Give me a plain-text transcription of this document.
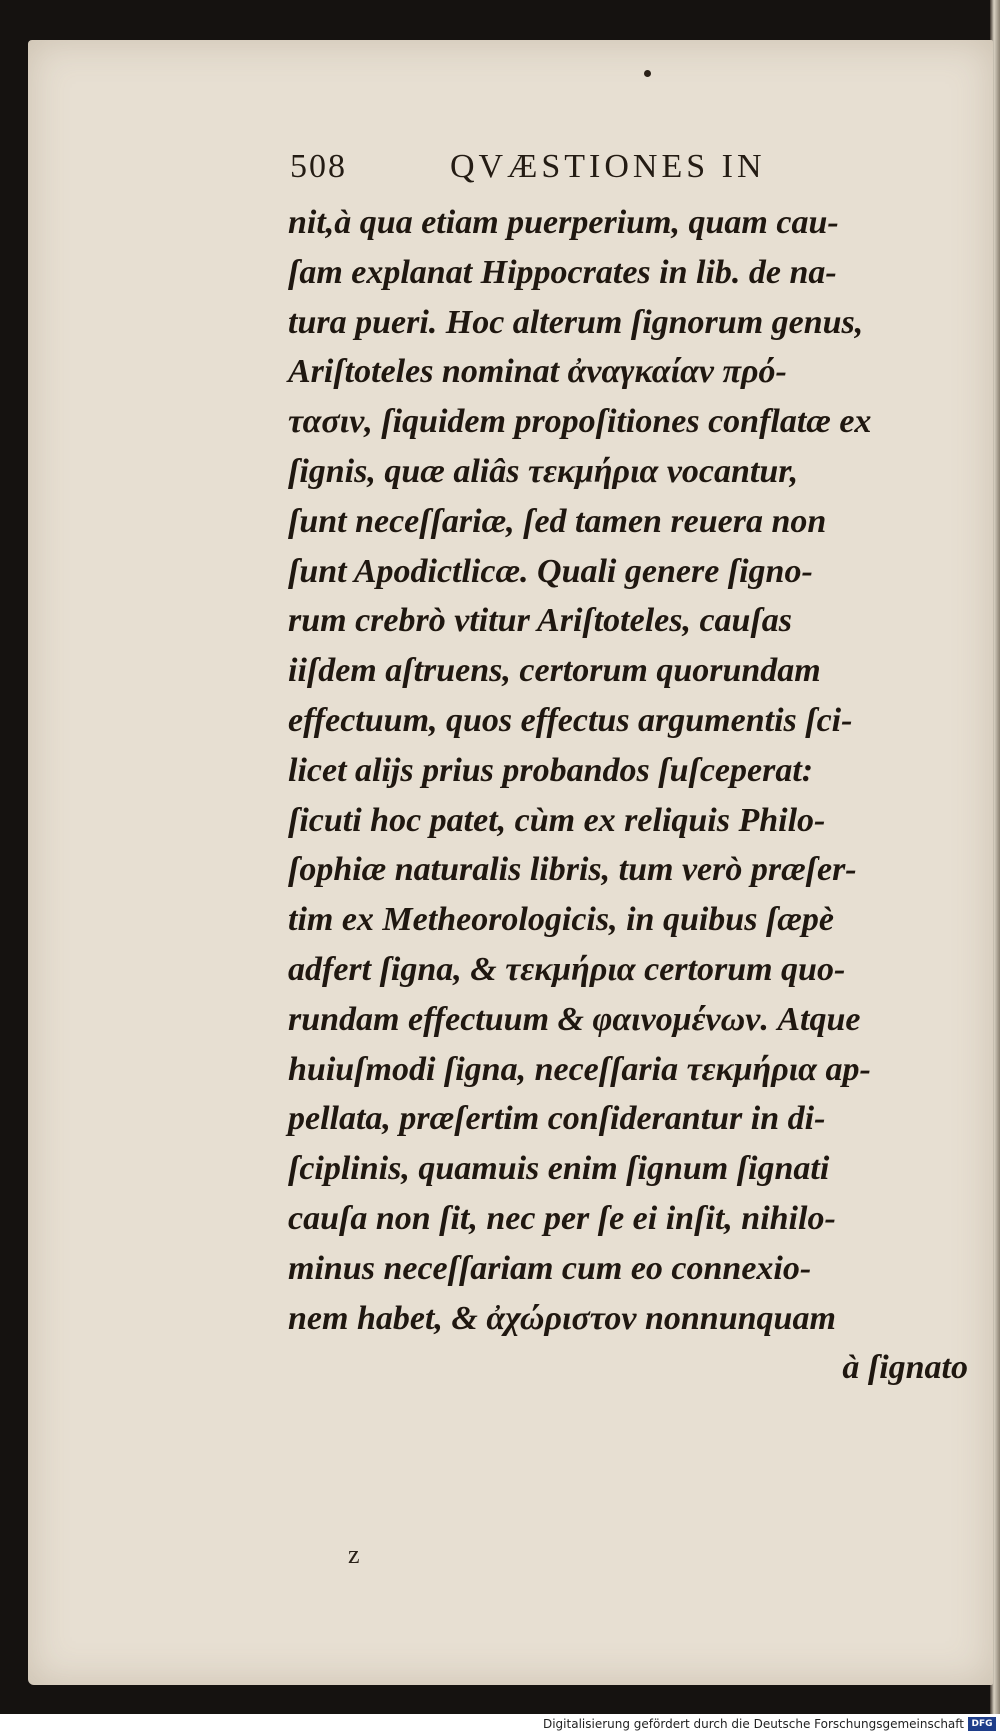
508	QVÆSTIONES IN
nit,à qua etiam puerperium, quam cau-
ſam explanat Hippocrates in lib. de na-
tura pueri. Hoc alterum ſignorum genus,
Ariſtoteles nominat ἀναγκαίαν πρό-
τασιν, ſiquidem propoſitiones conflatæ ex
ſignis, quæ aliâs τεκμήρια vocantur,
ſunt neceſſariæ, ſed tamen reuera non
ſunt Apodictlicæ. Quali genere ſigno-
rum crebrò vtitur Ariſtoteles, cauſas
iiſdem aſtruens, certorum quorundam
effectuum, quos effectus argumentis ſci-
licet alijs prius probandos ſuſceperat:
ſicuti hoc patet, cùm ex reliquis Philo-
ſophiæ naturalis libris, tum verò præſer-
tim ex Metheorologicis, in quibus ſæpè
adfert ſigna, & τεκμήρια certorum quo-
rundam effectuum & φαινομένων. Atque
huiuſmodi ſigna, neceſſaria τεκμήρια ap-
pellata, præſertim conſiderantur in di-
ſciplinis, quamuis enim ſignum ſignati
cauſa non ſit, nec per ſe ei inſit, nihilo-
minus neceſſariam cum eo connexio-
nem habet, & ἀχώριστον nonnunquam
à ſignato
z
Digitalisierung gefördert durch die Deutsche Forschungsgemeinschaft DFG
